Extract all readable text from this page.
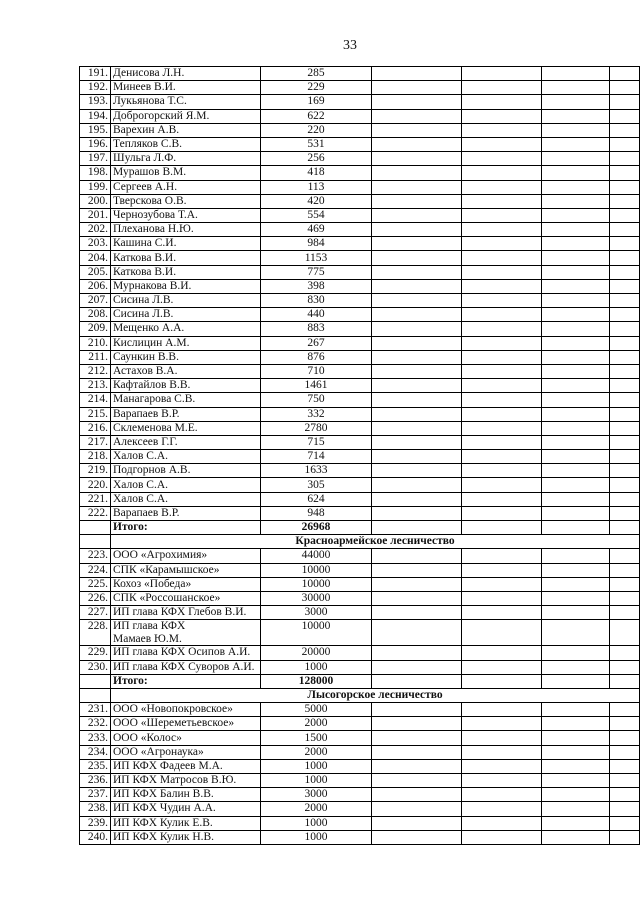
33
191.	Денисова Л.Н.	285				
192.	Минеев В.И.	229				
193.	Лукьянова Т.С.	169				
194.	Доброгорский Я.М.	622				
195.	Варехин А.В.	220				
196.	Тепляков С.В.	531				
197.	Шульга Л.Ф.	256				
198.	Мурашов В.М.	418				
199.	Сергеев А.Н.	113				
200.	Тверскова О.В.	420				
201.	Чернозубова Т.А.	554				
202.	Плеханова Н.Ю.	469				
203.	Кашина С.И.	984				
204.	Каткова В.И.	1153				
205.	Каткова В.И.	775				
206.	Мурнакова В.И.	398				
207.	Сисина Л.В.	830				
208.	Сисина Л.В.	440				
209.	Мещенко А.А.	883				
210.	Кислицин А.М.	267				
211.	Саункин В.В.	876				
212.	Астахов В.А.	710				
213.	Кафтайлов В.В.	1461				
214.	Манагарова С.В.	750				
215.	Варапаев В.Р.	332				
216.	Склеменова М.Е.	2780				
217.	Алексеев Г.Г.	715				
218.	Халов С.А.	714				
219.	Подгорнов А.В.	1633				
220.	Халов С.А.	305				
221.	Халов С.А.	624				
222.	Варапаев В.Р.	948				
	Итого:	26968				
	Красноармейское лесничество					
223.	ООО «Агрохимия»	44000				
224.	СПК «Карамышское»	10000				
225.	Кохоз «Победа»	10000				
226.	СПК «Россошанское»	30000				
227.	ИП глава КФХ Глебов В.И.	3000				
228.	ИП глава КФХ
Мамаев Ю.М.	10000				
229.	ИП глава КФХ Осипов А.И.	20000				
230.	ИП глава КФХ Суворов А.И.	1000				
	Итого:	128000				
	Лысогорское лесничество					
231.	ООО «Новопокровское»	5000				
232.	ООО «Шереметьевское»	2000				
233.	ООО «Колос»	1500				
234.	ООО «Агронаука»	2000				
235.	ИП КФХ Фадеев М.А.	1000				
236.	ИП КФХ Матросов В.Ю.	1000				
237.	ИП КФХ Балин В.В.	3000				
238.	ИП КФХ Чудин А.А.	2000				
239.	ИП КФХ Кулик Е.В.	1000				
240.	ИП КФХ Кулик Н.В.	1000				
